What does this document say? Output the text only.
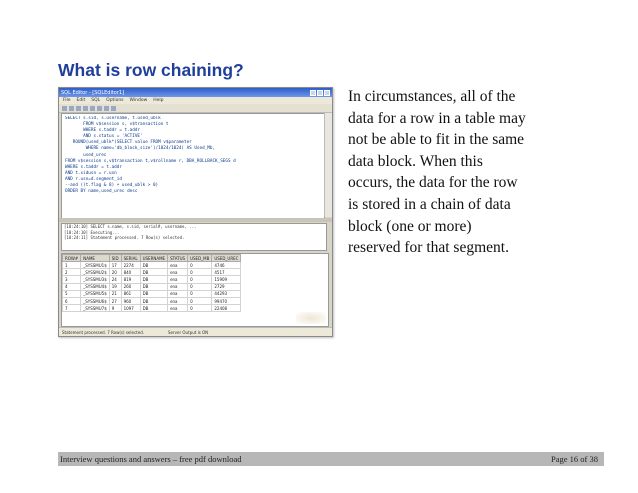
What is row chaining?
SQL Editor - [SQLEditor1]
File Edit SQL Options Window Help
SELECT s.sid, s.username, t.used_ublk
FROM v$session s, v$transaction t
WHERE s.taddr = t.addr
AND s.status = 'ACTIVE'
ROUND(used_ublk*(SELECT value FROM v$parameter
WHERE name='db_block_size')/1024/1024) AS Used_Mb,
used_urec
FROM v$session s,v$transaction t,v$rollname r, DBA_ROLLBACK_SEGS d
WHERE s.taddr = t.addr
AND t.xidusn = r.usn
AND r.usn=d.segment_id
--and ((t.flag & 8) + used_ublk > 0)
ORDER BY name,used_urec desc
[18:24:10] SELECT s.name, s.sid, serial#, username, ...
[18:24:10] Executing...
[18:24:11] Statement processed. 7 Row(s) selected.
ROW#	NAME	SID	SERIAL	USERNAME	STATUS	USED_MB	USED_UREC
1	_SYSSMU1$	17	2274	DB	ena	0	4746
2	_SYSSMU2$	20	840	DB	ena	0	4517
3	_SYSSMU3$	24	819	DB	ena	0	15909
4	_SYSSMU4$	19	260	DB	ena	0	2729
5	_SYSSMU5$	21	861	DB	ena	0	44293
6	_SYSSMU6$	27	960	DB	ena	0	99470
7	_SYSSMU7$	9	1097	DB	ena	0	22408
Statement processed. 7 Row(s) selected.	Server Output is ON
In circumstances, all of the
data for a row in a table may
not be able to fit in the same
data block. When this
occurs, the data for the row
is stored in a chain of data
block (one or more)
reserved for that segment.
Interview questions and answers – free pdf download	Page 16 of 38
